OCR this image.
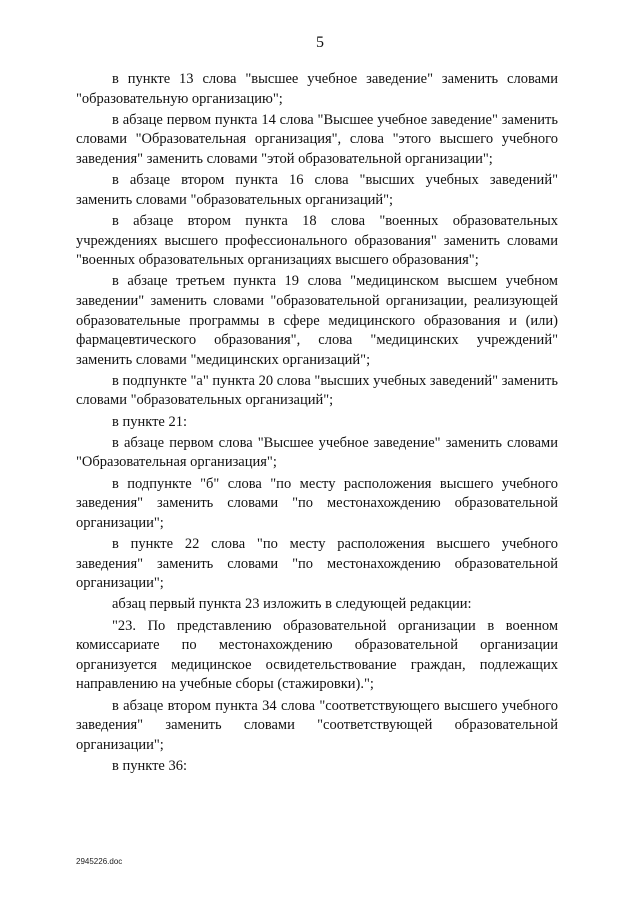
5

в пункте 13 слова "высшее учебное заведение" заменить словами "образовательную организацию";

в абзаце первом пункта 14 слова "Высшее учебное заведение" заменить словами "Образовательная организация", слова "этого высшего учебного заведения" заменить словами "этой образовательной организации";

в абзаце втором пункта 16 слова "высших учебных заведений" заменить словами "образовательных организаций";

в абзаце втором пункта 18 слова "военных образовательных учреждениях высшего профессионального образования" заменить словами "военных образовательных организациях высшего образования";

в абзаце третьем пункта 19 слова "медицинском высшем учебном заведении" заменить словами "образовательной организации, реализующей образовательные программы в сфере медицинского образования и (или) фармацевтического образования", слова "медицинских учреждений" заменить словами "медицинских организаций";

в подпункте "а" пункта 20 слова "высших учебных заведений" заменить словами "образовательных организаций";

в пункте 21:

в абзаце первом слова "Высшее учебное заведение" заменить словами "Образовательная организация";

в подпункте "б" слова "по месту расположения высшего учебного заведения" заменить словами "по местонахождению образовательной организации";

в пункте 22 слова "по месту расположения высшего учебного заведения" заменить словами "по местонахождению образовательной организации";

абзац первый пункта 23 изложить в следующей редакции:

"23. По представлению образовательной организации в военном комиссариате по местонахождению образовательной организации организуется медицинское освидетельствование граждан, подлежащих направлению на учебные сборы (стажировки).";

в абзаце втором пункта 34 слова "соответствующего высшего учебного заведения" заменить словами "соответствующей образовательной организации";

в пункте 36:

2945226.doc
